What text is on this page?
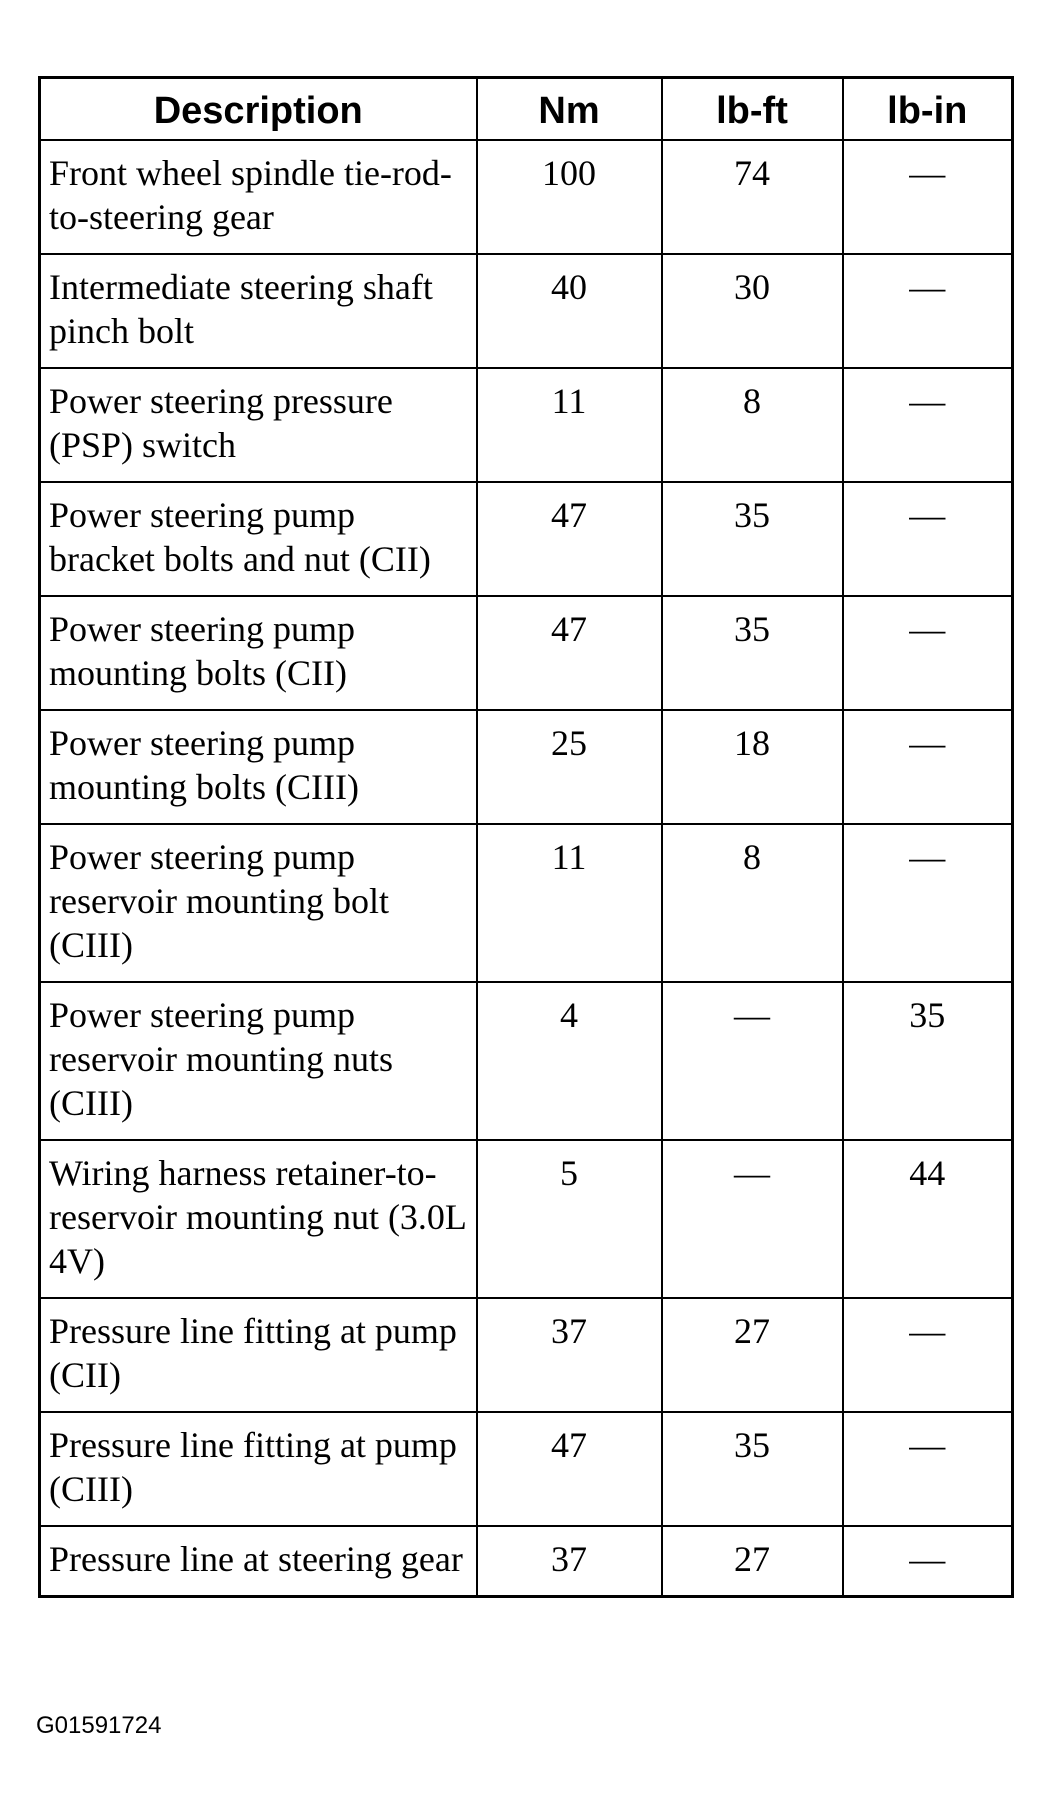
Description	Nm	lb-ft	lb-in
Front wheel spindle tie-rod-to-steering gear	100	74	—
Intermediate steering shaft pinch bolt	40	30	—
Power steering pressure (PSP) switch	11	8	—
Power steering pump bracket bolts and nut (CII)	47	35	—
Power steering pump mounting bolts (CII)	47	35	—
Power steering pump mounting bolts (CIII)	25	18	—
Power steering pump reservoir mounting bolt (CIII)	11	8	—
Power steering pump reservoir mounting nuts (CIII)	4	—	35
Wiring harness retainer-to-reservoir mounting nut (3.0L 4V)	5	—	44
Pressure line fitting at pump (CII)	37	27	—
Pressure line fitting at pump (CIII)	47	35	—
Pressure line at steering gear	37	27	—
G01591724
